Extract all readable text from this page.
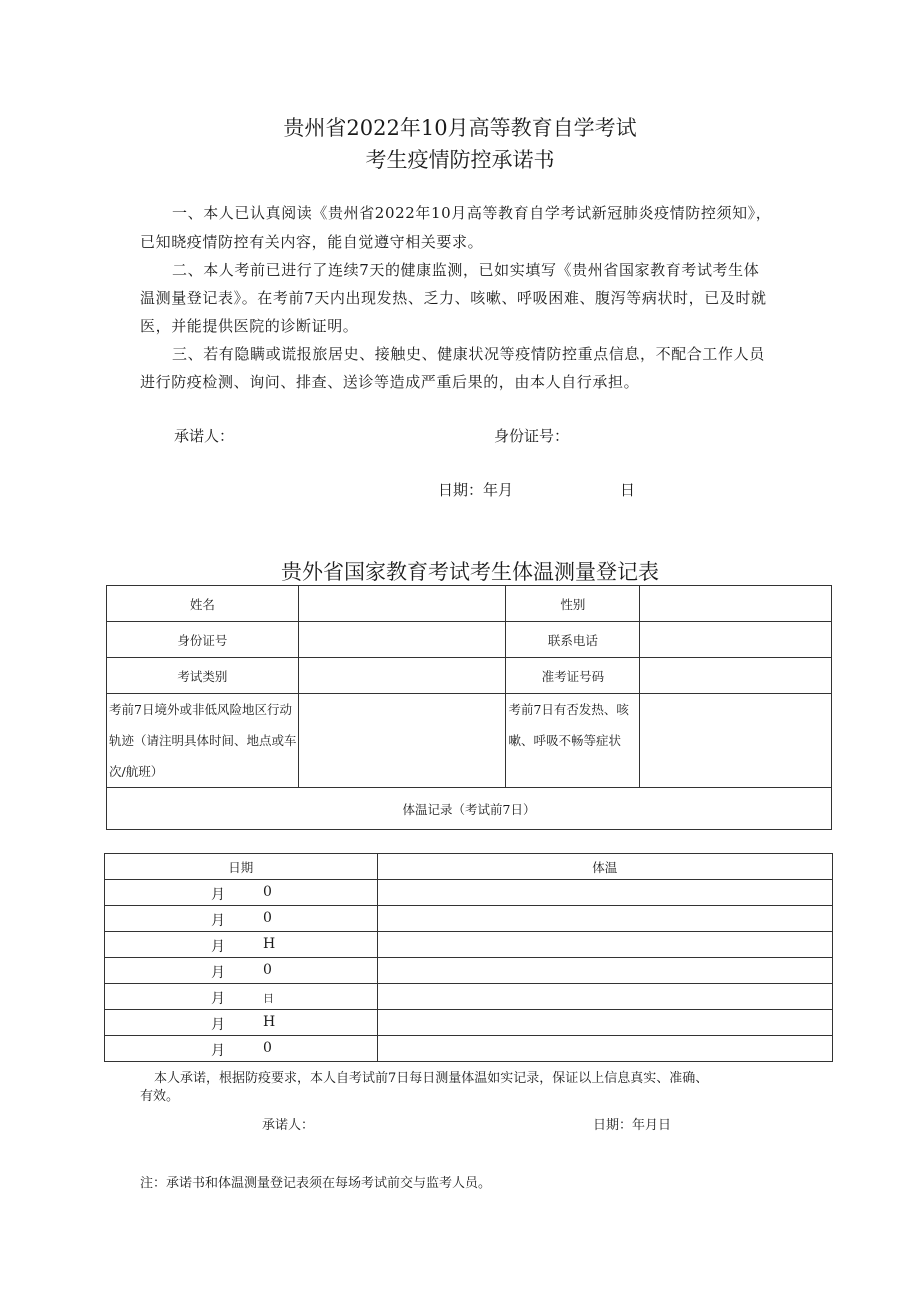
贵州省2022年10月高等教育自学考试
考生疫情防控承诺书
一、本人已认真阅读《贵州省2022年10月高等教育自学考试新冠肺炎疫情防控须知》，
已知晓疫情防控有关内容，能自觉遵守相关要求。
二、本人考前已进行了连续7天的健康监测，已如实填写《贵州省国家教育考试考生体
温测量登记表》。在考前7天内出现发热、乏力、咳嗽、呼吸困难、腹泻等病状时，已及时就
医，并能提供医院的诊断证明。
三、若有隐瞒或谎报旅居史、接触史、健康状况等疫情防控重点信息，不配合工作人员
进行防疫检测、询问、排查、送诊等造成严重后果的，由本人自行承担。
承诺人：	身份证号：
日期：年月	日
贵外省国家教育考试考生体温测量登记表
姓名		性别	
身份证号		联系电话	
考试类别		准考证号码	
考前7日境外或非低风险地区行动轨迹（请注明具体时间、地点或车次/航班）		考前7日有否发热、咳嗽、呼吸不畅等症状	
体温记录（考试前7日）			
日期	体温

月 0	

月 0	

月 H	

月 0	

月 日	

月 H	

月 0	

本人承诺，根据防疫要求，本人自考试前7日每日测量体温如实记录，保证以上信息真实、准确、
有效。
承诺人：	日期：年月日
注：承诺书和体温测量登记表须在每场考试前交与监考人员。
